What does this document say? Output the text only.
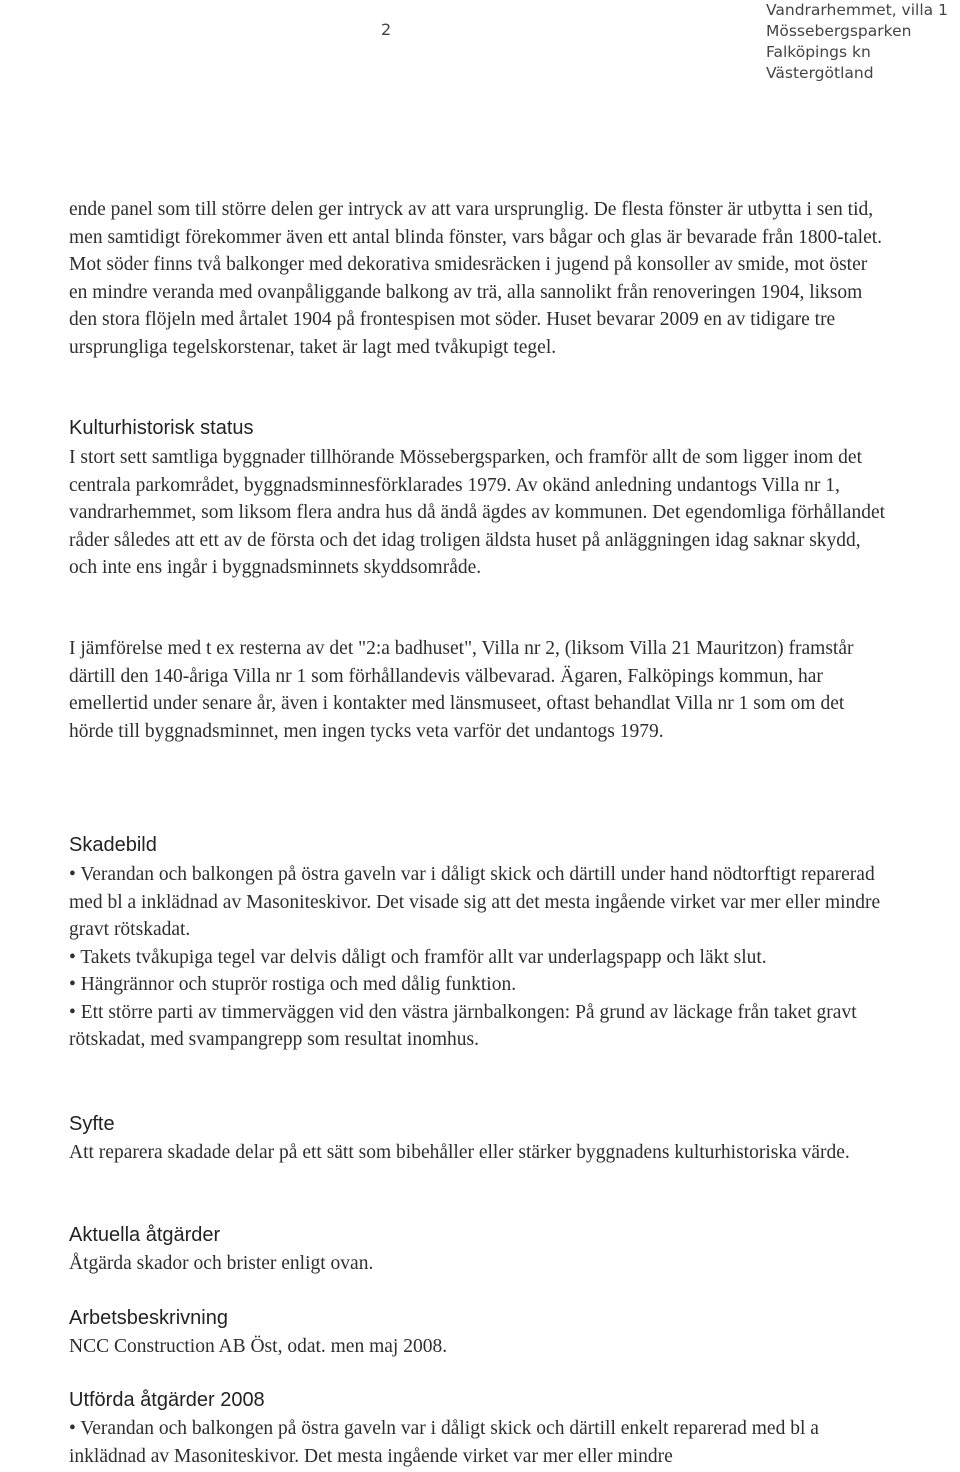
2
Vandrarhemmet, villa 1
Mössebergsparken
Falköpings kn
Västergötland

ende panel som till större delen ger intryck av att vara ursprunglig. De flesta fönster är utbytta i sen tid, men samtidigt förekommer även ett antal blinda fönster, vars bågar och glas är bevarade från 1800-talet. Mot söder finns två balkonger med dekorativa smidesräcken i jugend på konsoller av smide, mot öster en mindre veranda med ovanpåliggande balkong av trä, alla sannolikt från renoveringen 1904, liksom den stora flöjeln med årtalet 1904 på frontespisen mot söder. Huset bevarar 2009 en av tidigare tre ursprungliga tegelskorstenar, taket är lagt med tvåkupigt tegel.

Kulturhistorisk status

I stort sett samtliga byggnader tillhörande Mössebergsparken, och framför allt de som ligger inom det centrala parkområdet, byggnadsminnesförklarades 1979. Av okänd anledning undantogs Villa nr 1, vandrarhemmet, som liksom flera andra hus då ändå ägdes av kommunen. Det egendomliga förhållandet råder således att ett av de första och det idag troligen äldsta huset på anläggningen idag saknar skydd, och inte ens ingår i byggnadsminnets skyddsområde.

I jämförelse med t ex resterna av det "2:a badhuset", Villa nr 2, (liksom Villa 21 Mauritzon) framstår därtill den 140-åriga Villa nr 1 som förhållandevis välbevarad. Ägaren, Falköpings kommun, har emellertid under senare år, även i kontakter med länsmuseet, oftast behandlat Villa nr 1 som om det hörde till byggnadsminnet, men ingen tycks veta varför det undantogs 1979.

Skadebild
• Verandan och balkongen på östra gaveln var i dåligt skick och därtill under hand nödtorftigt reparerad med bl a inklädnad av Masoniteskivor. Det visade sig att det mesta ingående virket var mer eller mindre gravt rötskadat.
• Takets tvåkupiga tegel var delvis dåligt och framför allt var underlagspapp och läkt slut.
• Hängrännor och stuprör rostiga och med dålig funktion.
• Ett större parti av timmerväggen vid den västra järnbalkongen: På grund av läckage från taket gravt rötskadat, med svampangrepp som resultat inomhus.
Syfte

Att reparera skadade delar på ett sätt som bibehåller eller stärker byggnadens kulturhistoriska värde.

Aktuella åtgärder

Åtgärda skador och brister enligt ovan.

Arbetsbeskrivning

NCC Construction AB Öst, odat. men maj 2008.

Utförda åtgärder 2008

• Verandan och balkongen på östra gaveln var i dåligt skick och därtill enkelt reparerad med bl a inklädnad av Masoniteskivor. Det mesta ingående virket var mer eller mindre
